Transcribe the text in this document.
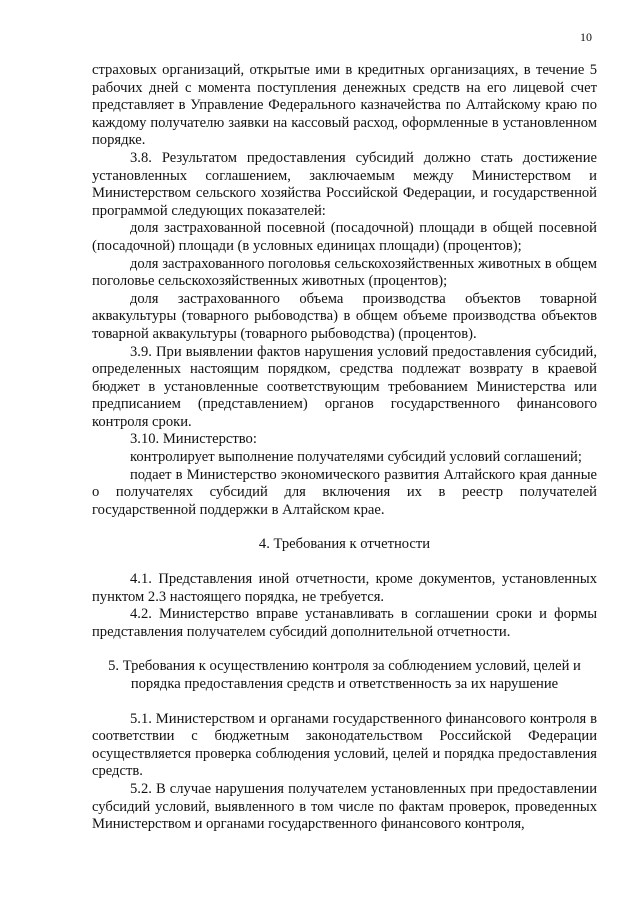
10

страховых организаций, открытые ими в кредитных организациях, в течение 5 рабочих дней с момента поступления денежных средств на его лицевой счет представляет в Управление Федерального казначейства по Алтайскому краю по каждому получателю заявки на кассовый расход, оформленные в установленном порядке.

3.8. Результатом предоставления субсидий должно стать достижение установленных соглашением, заключаемым между Министерством и Министерством сельского хозяйства Российской Федерации, и государственной программой следующих показателей:

доля застрахованной посевной (посадочной) площади в общей посевной (посадочной) площади (в условных единицах площади) (процентов);

доля застрахованного поголовья сельскохозяйственных животных в общем поголовье сельскохозяйственных животных (процентов);

доля застрахованного объема производства объектов товарной аквакультуры (товарного рыбоводства) в общем объеме производства объектов товарной аквакультуры (товарного рыбоводства) (процентов).

3.9. При выявлении фактов нарушения условий предоставления субсидий, определенных настоящим порядком, средства подлежат возврату в краевой бюджет в установленные соответствующим требованием Министерства или предписанием (представлением) органов государственного финансового контроля сроки.

3.10. Министерство:

контролирует выполнение получателями субсидий условий соглашений;

подает в Министерство экономического развития Алтайского края данные о получателях субсидий для включения их в реестр получателей государственной поддержки в Алтайском крае.

4. Требования к отчетности

4.1. Представления иной отчетности, кроме документов, установленных пунктом 2.3 настоящего порядка, не требуется.

4.2. Министерство вправе устанавливать в соглашении сроки и формы представления получателем субсидий дополнительной отчетности.

5. Требования к осуществлению контроля за соблюдением условий, целей и порядка предоставления средств и ответственность за их нарушение

5.1. Министерством и органами государственного финансового контроля в соответствии с бюджетным законодательством Российской Федерации осуществляется проверка соблюдения условий, целей и порядка предоставления средств.

5.2. В случае нарушения получателем установленных при предоставлении субсидий условий, выявленного в том числе по фактам проверок, проведенных Министерством и органами государственного финансового контроля,
